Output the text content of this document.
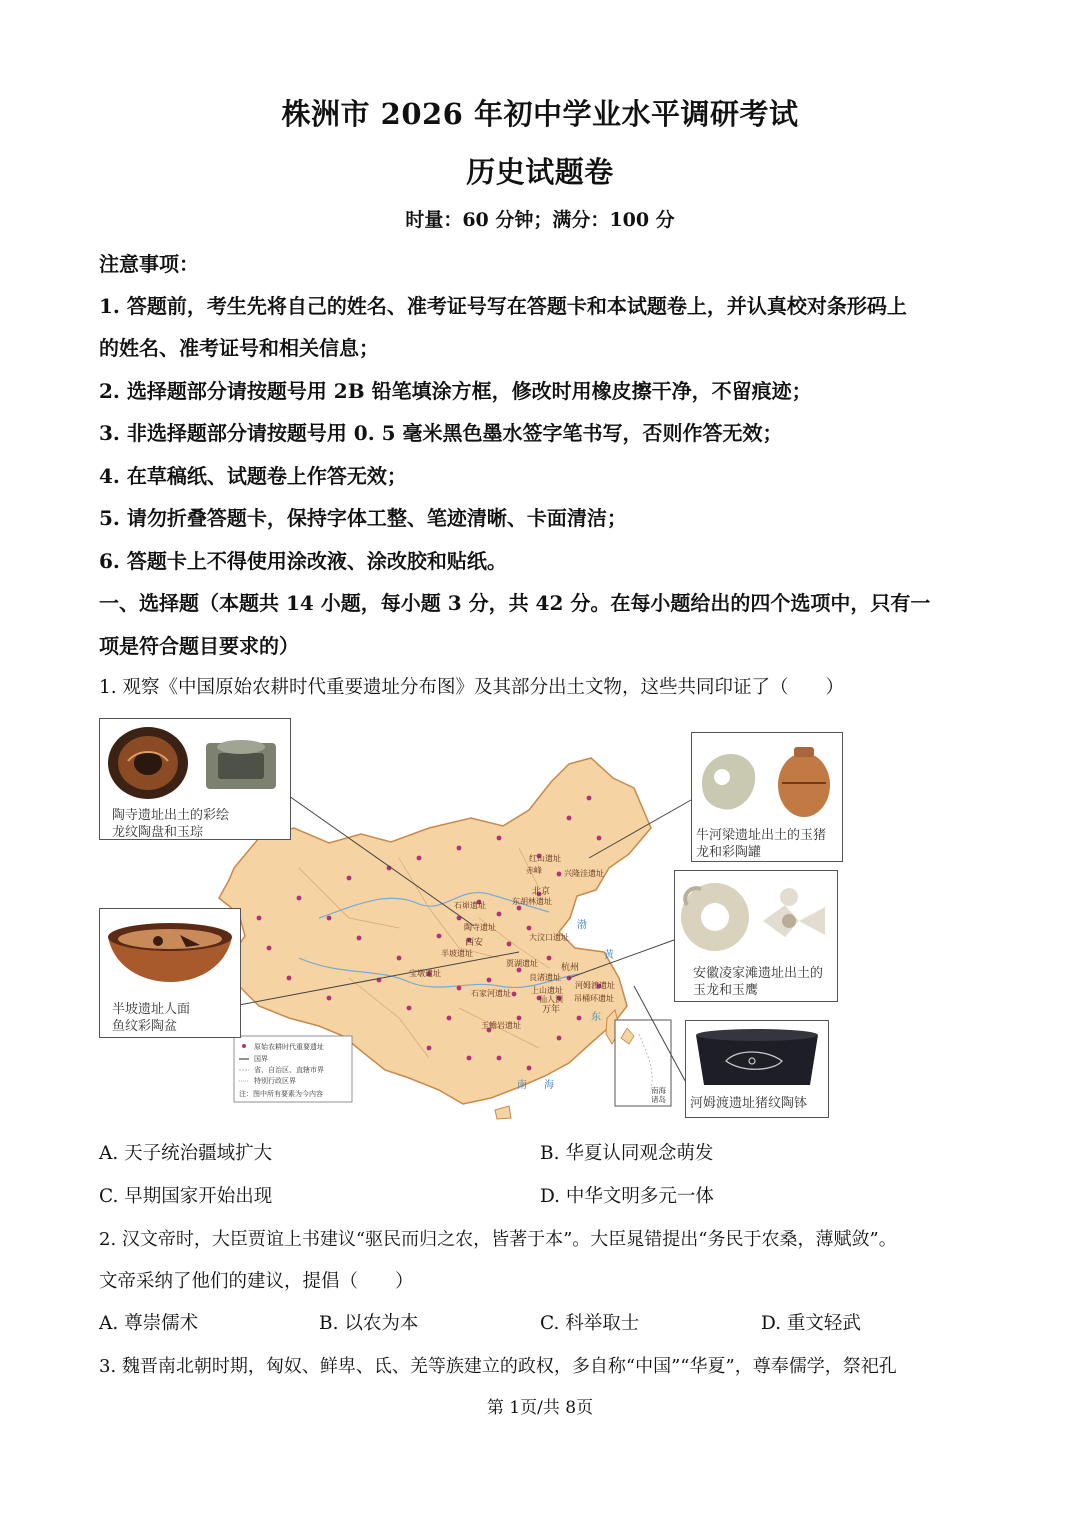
株洲市 2026 年初中学业水平调研考试
历史试题卷
时量：60 分钟；满分：100 分
注意事项：
1. 答题前，考生先将自己的姓名、准考证号写在答题卡和本试题卷上，并认真校对条形码上
的姓名、准考证号和相关信息；
2. 选择题部分请按题号用 2B 铅笔填涂方框，修改时用橡皮擦干净，不留痕迹；
3. 非选择题部分请按题号用 0. 5 毫米黑色墨水签字笔书写，否则作答无效；
4. 在草稿纸、试题卷上作答无效；
5. 请勿折叠答题卡，保持字体工整、笔迹清晰、卡面清洁；
6. 答题卡上不得使用涂改液、涂改胶和贴纸。
一、选择题（本题共 14 小题，每小题 3 分，共 42 分。在每小题给出的四个选项中，只有一
项是符合题目要求的）
1. 观察《中国原始农耕时代重要遗址分布图》及其部分出土文物，这些共同印证了（　　）
红山遗址
赤峰	兴隆洼遗址
北京
石峁遗址	东胡林遗址
陶寺遗址
大汶口遗址
西安
半坡遗址
贾湖遗址
宝墩遗址
杭州
良渚遗址
石家河遗址	上山遗址
河姆渡遗址
仙人洞 吊桶环遗址
万年
玉蟾岩遗址
渤
黄
东
南 海	南海
诸岛
原始农耕时代重要遗址
国界
省、自治区、直辖市界
特别行政区界
注：图中所有要素为今内容
陶寺遗址出土的彩绘
龙纹陶盘和玉琮
半坡遗址人面
鱼纹彩陶盆
牛河梁遗址出土的玉猪
龙和彩陶罐
安徽凌家滩遗址出土的
玉龙和玉鹰
河姆渡遗址猪纹陶钵
A. 天子统治疆域扩大	B. 华夏认同观念萌发
C. 早期国家开始出现	D. 中华文明多元一体
2. 汉文帝时，大臣贾谊上书建议“驱民而归之农，皆著于本”。大臣晁错提出“务民于农桑，薄赋敛”。
文帝采纳了他们的建议，提倡（　　）
A. 尊崇儒术	B. 以农为本	C. 科举取士	D. 重文轻武
3. 魏晋南北朝时期，匈奴、鲜卑、氐、羌等族建立的政权，多自称“中国”“华夏”，尊奉儒学，祭祀孔
第 1页/共 8页
